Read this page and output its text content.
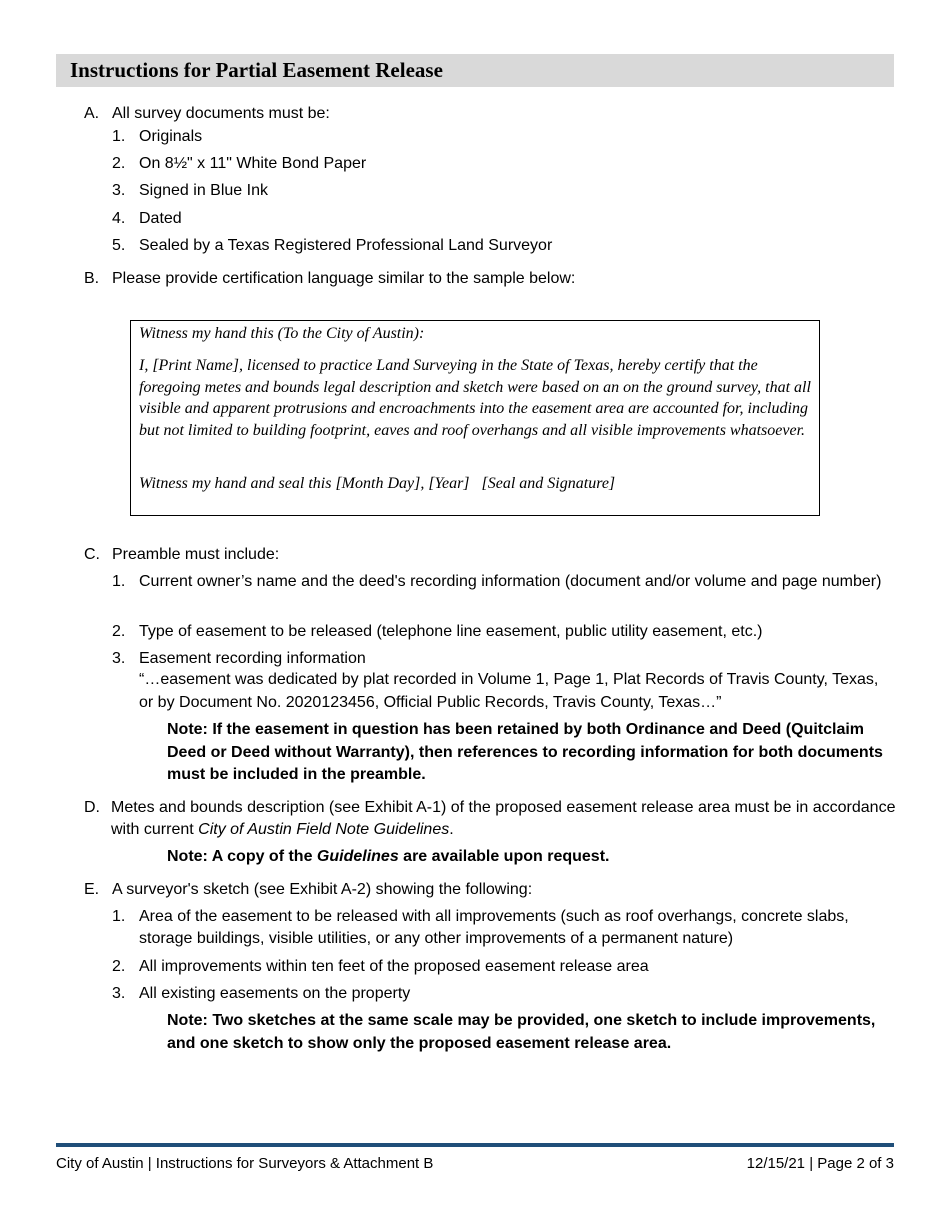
Instructions for Partial Easement Release
A. All survey documents must be:
1. Originals
2. On 8½" x 11" White Bond Paper
3. Signed in Blue Ink
4. Dated
5. Sealed by a Texas Registered Professional Land Surveyor
B. Please provide certification language similar to the sample below:

Witness my hand this (To the City of Austin):

I, [Print Name], licensed to practice Land Surveying in the State of Texas, hereby certify that the foregoing metes and bounds legal description and sketch were based on an on the ground survey, that all visible and apparent protrusions and encroachments into the easement area are accounted for, including but not limited to building footprint, eaves and roof overhangs and all visible improvements whatsoever.

Witness my hand and seal this [Month Day], [Year]   [Seal and Signature]

C. Preamble must include:
1. Current owner’s name and the deed's recording information (document and/or volume and page number)
2. Type of easement to be released (telephone line easement, public utility easement, etc.)
3. Easement recording information
“…easement was dedicated by plat recorded in Volume 1, Page 1, Plat Records of Travis County, Texas, or by Document No. 2020123456, Official Public Records, Travis County, Texas…”
Note: If the easement in question has been retained by both Ordinance and Deed (Quitclaim Deed or Deed without Warranty), then references to recording information for both documents must be included in the preamble.
D. Metes and bounds description (see Exhibit A-1) of the proposed easement release area must be in accordance with current City of Austin Field Note Guidelines.
Note: A copy of the Guidelines are available upon request.
E. A surveyor's sketch (see Exhibit A-2) showing the following:
1. Area of the easement to be released with all improvements (such as roof overhangs, concrete slabs, storage buildings, visible utilities, or any other improvements of a permanent nature)
2. All improvements within ten feet of the proposed easement release area
3. All existing easements on the property
Note: Two sketches at the same scale may be provided, one sketch to include improvements, and one sketch to show only the proposed easement release area.
City of Austin | Instructions for Surveyors & Attachment B	12/15/21 | Page 2 of 3
